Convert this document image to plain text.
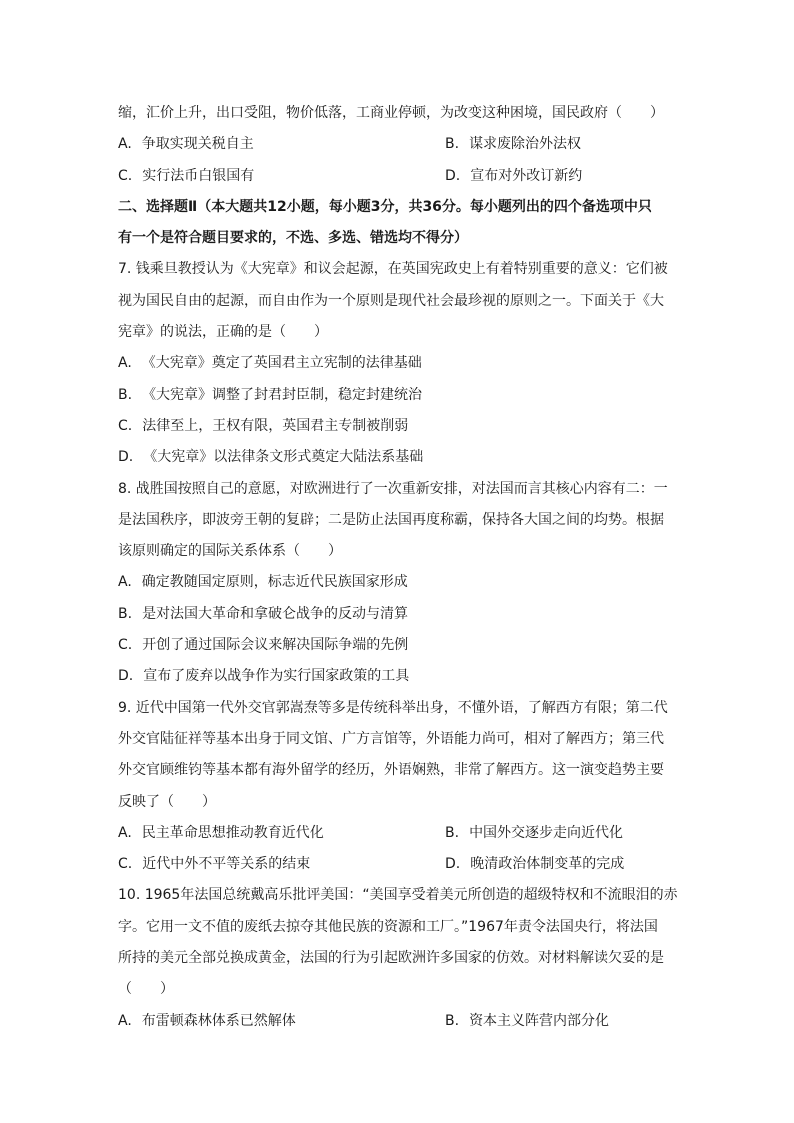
缩，汇价上升，出口受阻，物价低落，工商业停顿，为改变这种困境，国民政府（　　）
A. 争取实现关税自主	B. 谋求废除治外法权
C. 实行法币白银国有	D. 宣布对外改订新约
二、选择题Ⅱ（本大题共12小题，每小题3分，共36分。每小题列出的四个备选项中只
有一个是符合题目要求的，不选、多选、错选均不得分）
7. 钱乘旦教授认为《大宪章》和议会起源，在英国宪政史上有着特别重要的意义：它们被
视为国民自由的起源，而自由作为一个原则是现代社会最珍视的原则之一。下面关于《大
宪章》的说法，正确的是（　　）
A. 《大宪章》奠定了英国君主立宪制的法律基础
B. 《大宪章》调整了封君封臣制，稳定封建统治
C. 法律至上，王权有限，英国君主专制被削弱
D. 《大宪章》以法律条文形式奠定大陆法系基础
8. 战胜国按照自己的意愿，对欧洲进行了一次重新安排，对法国而言其核心内容有二：一
是法国秩序，即波旁王朝的复辟；二是防止法国再度称霸，保持各大国之间的均势。根据
该原则确定的国际关系体系（　　）
A. 确定教随国定原则，标志近代民族国家形成
B. 是对法国大革命和拿破仑战争的反动与清算
C. 开创了通过国际会议来解决国际争端的先例
D. 宣布了废弃以战争作为实行国家政策的工具
9. 近代中国第一代外交官郭嵩焘等多是传统科举出身，不懂外语，了解西方有限；第二代
外交官陆征祥等基本出身于同文馆、广方言馆等，外语能力尚可，相对了解西方；第三代
外交官顾维钧等基本都有海外留学的经历，外语娴熟，非常了解西方。这一演变趋势主要
反映了（　　）
A. 民主革命思想推动教育近代化	B. 中国外交逐步走向近代化
C. 近代中外不平等关系的结束	D. 晚清政治体制变革的完成
10. 1965年法国总统戴高乐批评美国：“美国享受着美元所创造的超级特权和不流眼泪的赤
字。它用一文不值的废纸去掠夺其他民族的资源和工厂。”1967年责令法国央行，将法国
所持的美元全部兑换成黄金，法国的行为引起欧洲许多国家的仿效。对材料解读欠妥的是
（　　）
A. 布雷顿森林体系已然解体	B. 资本主义阵营内部分化
